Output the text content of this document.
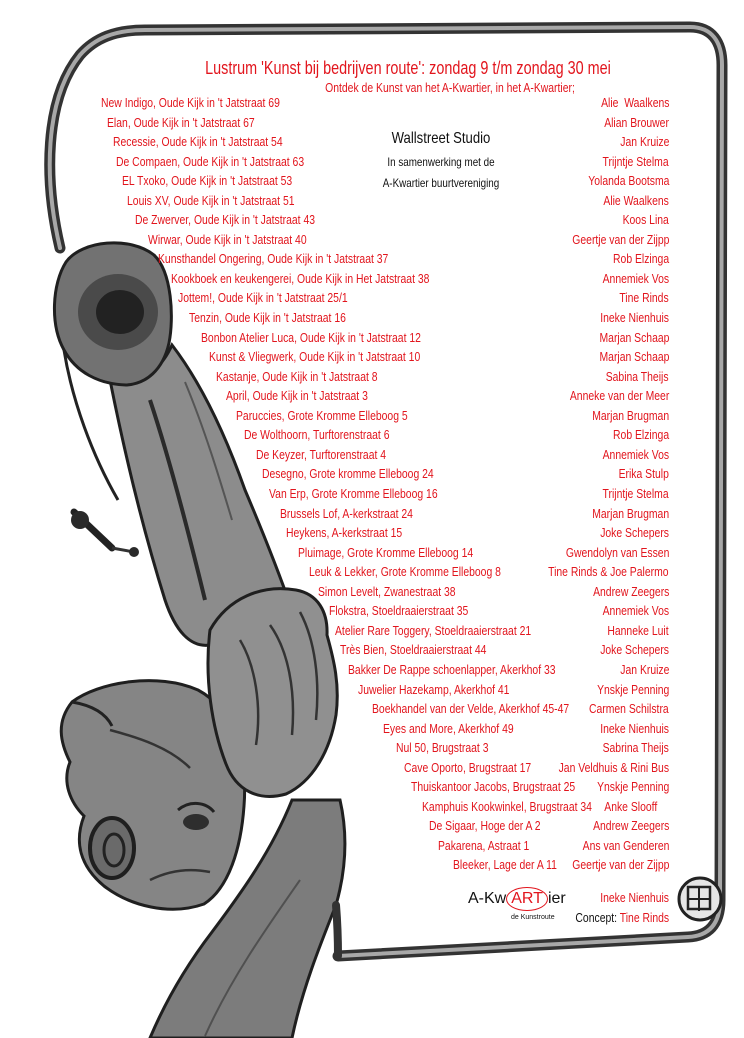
Lustrum 'Kunst bij bedrijven route': zondag 9 t/m zondag 30 mei
Ontdek de Kunst van het A-Kwartier, in het A-Kwartier;
Wallstreet Studio
In samenwerking met de
A-Kwartier buurtvereniging
New Indigo, Oude Kijk in 't Jatstraat 69	Alie  Waalkens
Elan, Oude Kijk in 't Jatstraat 67	Alian Brouwer
Recessie, Oude Kijk in 't Jatstraat 54	Jan Kruize
De Compaen, Oude Kijk in 't Jatstraat 63	Trijntje Stelma
EL Txoko, Oude Kijk in 't Jatstraat 53	Yolanda Bootsma
Louis XV, Oude Kijk in 't Jatstraat 51	Alie Waalkens
De Zwerver, Oude Kijk in 't Jatstraat 43	Koos Lina
Wirwar, Oude Kijk in 't Jatstraat 40	Geertje van der Zijpp
Kunsthandel Ongering, Oude Kijk in 't Jatstraat 37	Rob Elzinga
Kookboek en keukengerei, Oude Kijk in Het Jatstraat 38	Annemiek Vos
Jottem!, Oude Kijk in 't Jatstraat 25/1	Tine Rinds
Tenzin, Oude Kijk in 't Jatstraat 16	Ineke Nienhuis
Bonbon Atelier Luca, Oude Kijk in 't Jatstraat 12	Marjan Schaap
Kunst & Vliegwerk, Oude Kijk in 't Jatstraat 10	Marjan Schaap
Kastanje, Oude Kijk in 't Jatstraat 8	Sabina Theijs
April, Oude Kijk in 't Jatstraat 3	Anneke van der Meer
Paruccies, Grote Kromme Elleboog 5	Marjan Brugman
De Wolthoorn, Turftorenstraat 6	Rob Elzinga
De Keyzer, Turftorenstraat 4	Annemiek Vos
Desegno, Grote kromme Elleboog 24	Erika Stulp
Van Erp, Grote Kromme Elleboog 16	Trijntje Stelma
Brussels Lof, A-kerkstraat 24	Marjan Brugman
Heykens, A-kerkstraat 15	Joke Schepers
Pluimage, Grote Kromme Elleboog 14	Gwendolyn van Essen
Leuk & Lekker, Grote Kromme Elleboog 8	Tine Rinds & Joe Palermo
Simon Levelt, Zwanestraat 38	Andrew Zeegers
Flokstra, Stoeldraaierstraat 35	Annemiek Vos
Atelier Rare Toggery, Stoeldraaierstraat 21	Hanneke Luit
Très Bien, Stoeldraaierstraat 44	Joke Schepers
Bakker De Rappe schoenlapper, Akerkhof 33	Jan Kruize
Juwelier Hazekamp, Akerkhof 41	Ynskje Penning
Boekhandel van der Velde, Akerkhof 45-47 Carmen Schilstra
Eyes and More, Akerkhof 49	Ineke Nienhuis
Nul 50, Brugstraat 3	Sabrina Theijs
Cave Oporto, Brugstraat 17 Jan Veldhuis & Rini Bus
Thuiskantoor Jacobs, Brugstraat 25 Ynskje Penning
Kamphuis Kookwinkel, Brugstraat 34 Anke Slooff
De Sigaar, Hoge der A 2	Andrew Zeegers
Pakarena, Astraat 1	Ans van Genderen
Bleeker, Lage der A 11 Geertje van der Zijpp
A-Kw ART ier
de Kunstroute
Ineke Nienhuis
Concept: Tine Rinds
